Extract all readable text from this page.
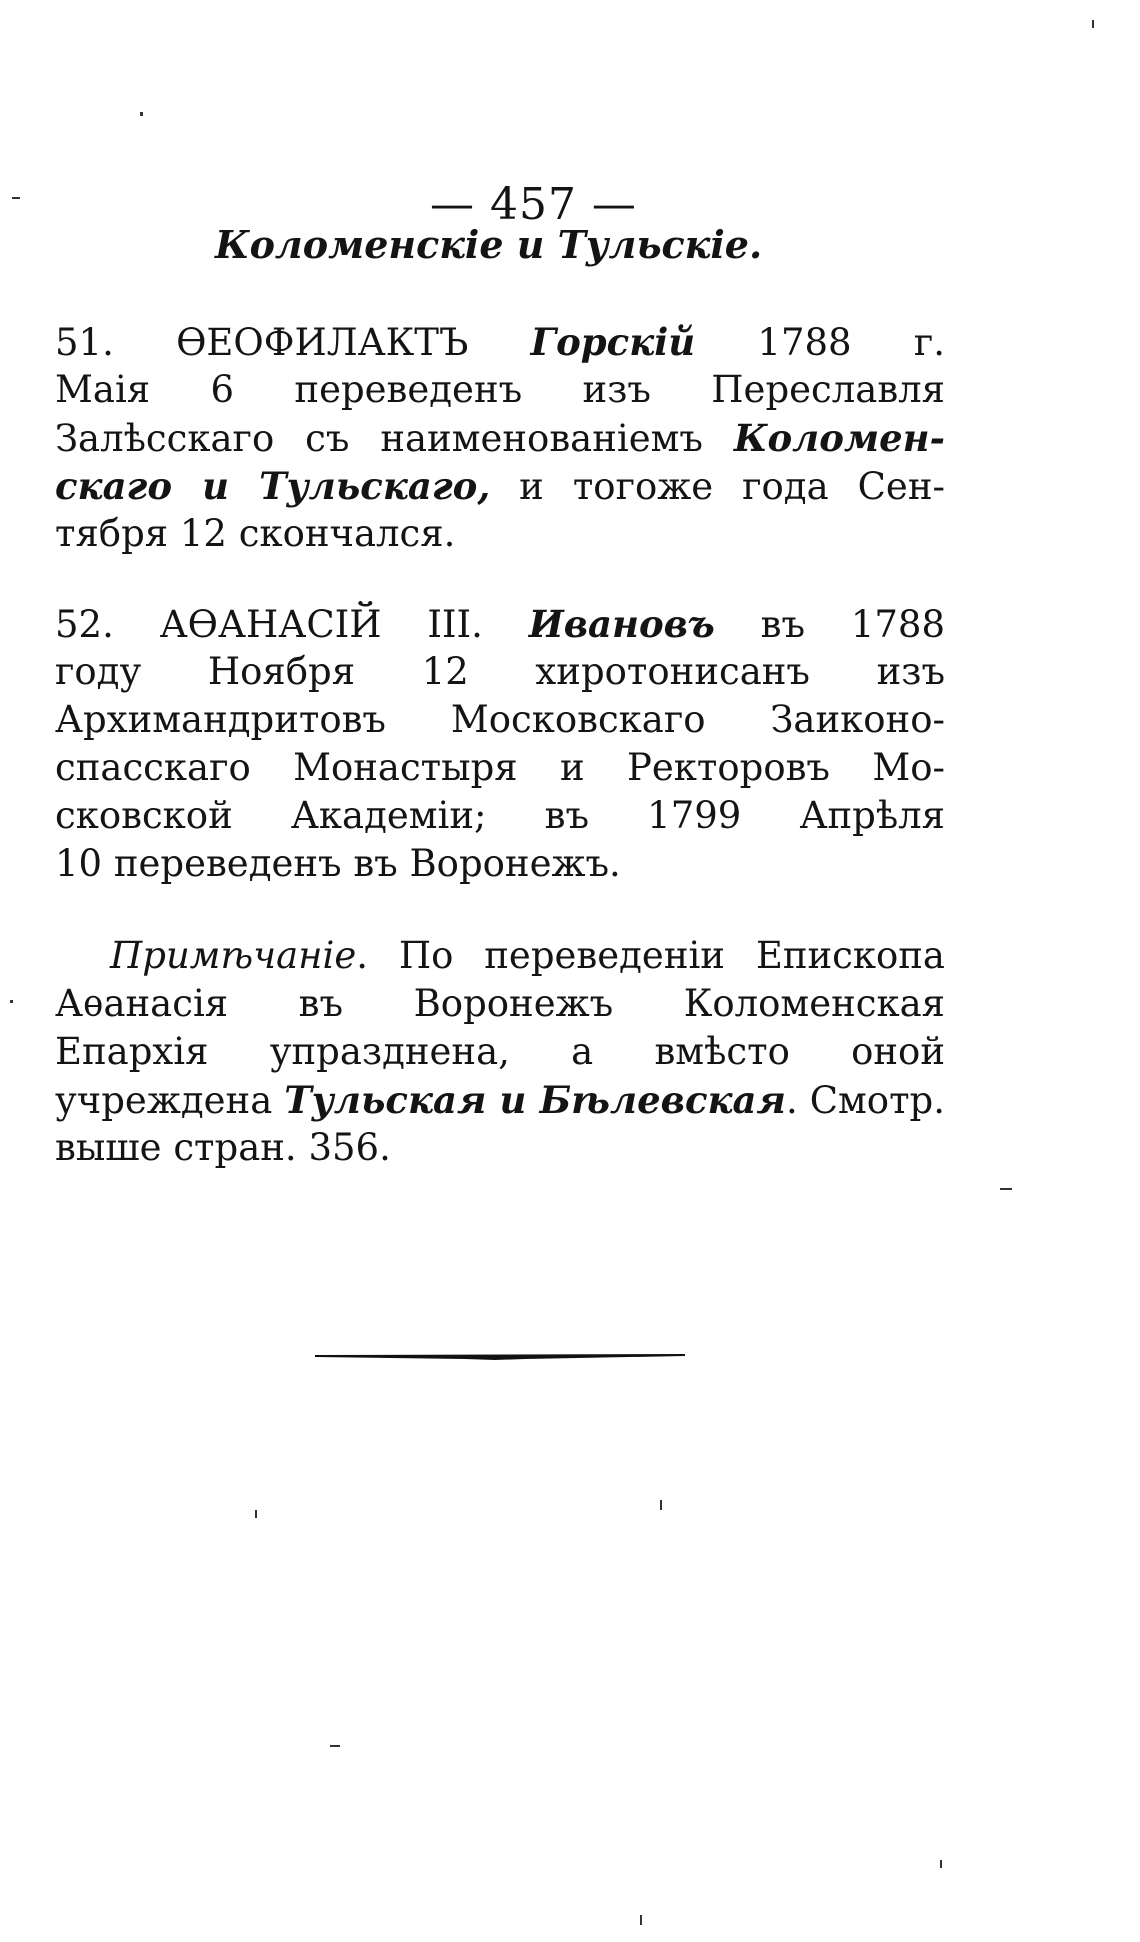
— 457 —

Коломенскіе и Тульскіе.
51. ѲЕОФИЛАКТЪ Горскій 1788 г.
Маія 6 переведенъ изъ Переславля
Залѣсскаго съ наименованіемъ Коломен-
скаго и Тульскаго, и тогоже года Сен-
тября 12 скончался.
52. АѲАНАСІЙ III. Ивановъ въ 1788
году Ноября 12 хиротонисанъ изъ
Архимандритовъ Московскаго Заиконо-
спасскаго Монастыря и Ректоровъ Мо-
сковской Академіи; въ 1799 Апрѣля
10 переведенъ въ Воронежъ.
Примѣчаніе. По переведеніи Епископа
Аѳанасія въ Воронежъ Коломенская
Епархія упразднена, а вмѣсто оной
учреждена Тульская и Бѣлевская. Смотр.
выше стран. 356.
